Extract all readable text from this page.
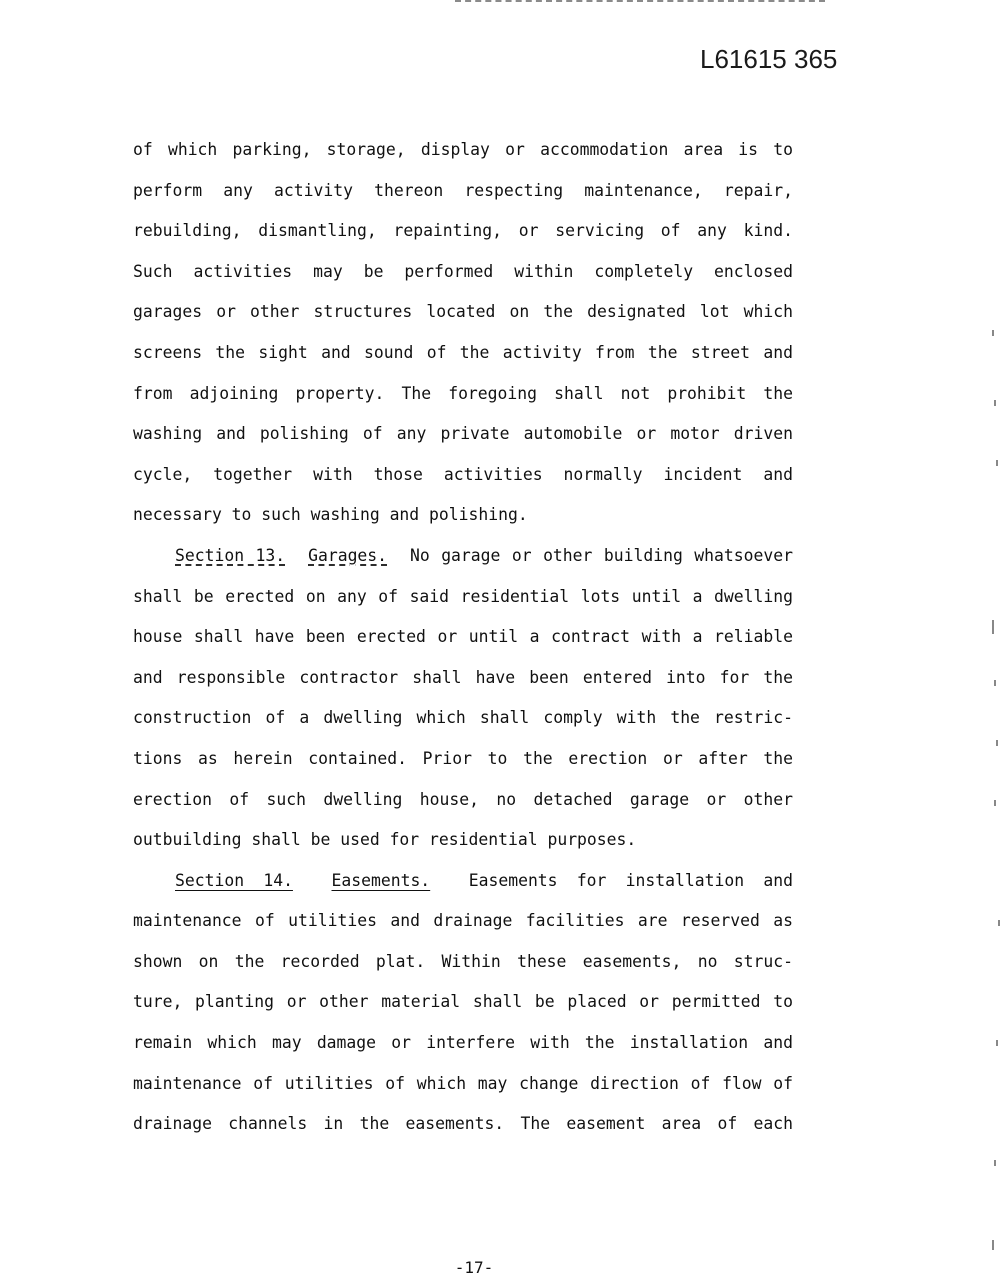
L61615 365
of which parking, storage, display or accommodation area is to
perform any activity thereon respecting maintenance, repair,
rebuilding, dismantling, repainting, or servicing of any kind.
Such activities may be performed within completely enclosed
garages or other structures located on the designated lot which
screens the sight and sound of the activity from the street and
from adjoining property. The foregoing shall not prohibit the
washing and polishing of any private automobile or motor driven
cycle, together with those activities normally incident and
necessary to such washing and polishing.
Section 13. Garages. No garage or other building whatsoever
shall be erected on any of said residential lots until a dwelling
house shall have been erected or until a contract with a reliable
and responsible contractor shall have been entered into for the
construction of a dwelling which shall comply with the restric-
tions as herein contained. Prior to the erection or after the
erection of such dwelling house, no detached garage or other
outbuilding shall be used for residential purposes.
Section 14. Easements. Easements for installation and
maintenance of utilities and drainage facilities are reserved as
shown on the recorded plat. Within these easements, no struc-
ture, planting or other material shall be placed or permitted to
remain which may damage or interfere with the installation and
maintenance of utilities of which may change direction of flow of
drainage channels in the easements. The easement area of each
-17-
